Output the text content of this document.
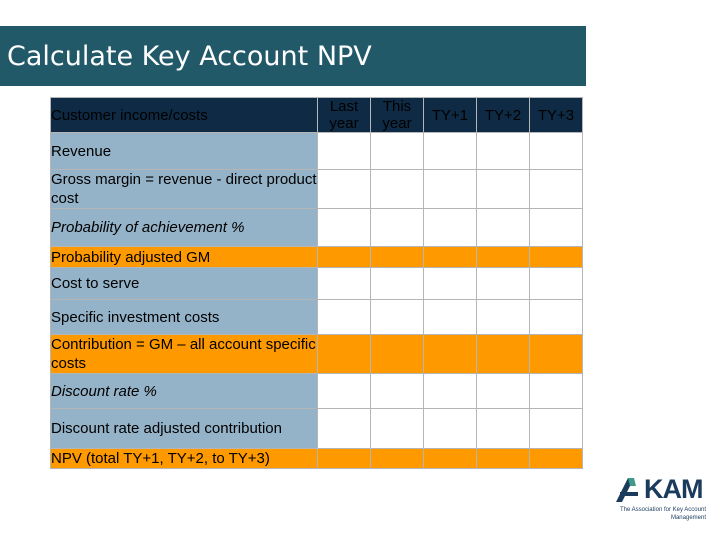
Calculate Key Account NPV
Customer income/costs	Last year	This year	TY+1	TY+2	TY+3
Revenue					
Gross margin = revenue - direct product cost					
Probability of achievement %					
Probability adjusted GM					
Cost to serve					
Specific investment costs					
Contribution = GM – all account specific costs					
Discount rate %					
Discount rate adjusted contribution					
NPV (total TY+1, TY+2, to TY+3)					
KAM
The Association for Key Account Management
